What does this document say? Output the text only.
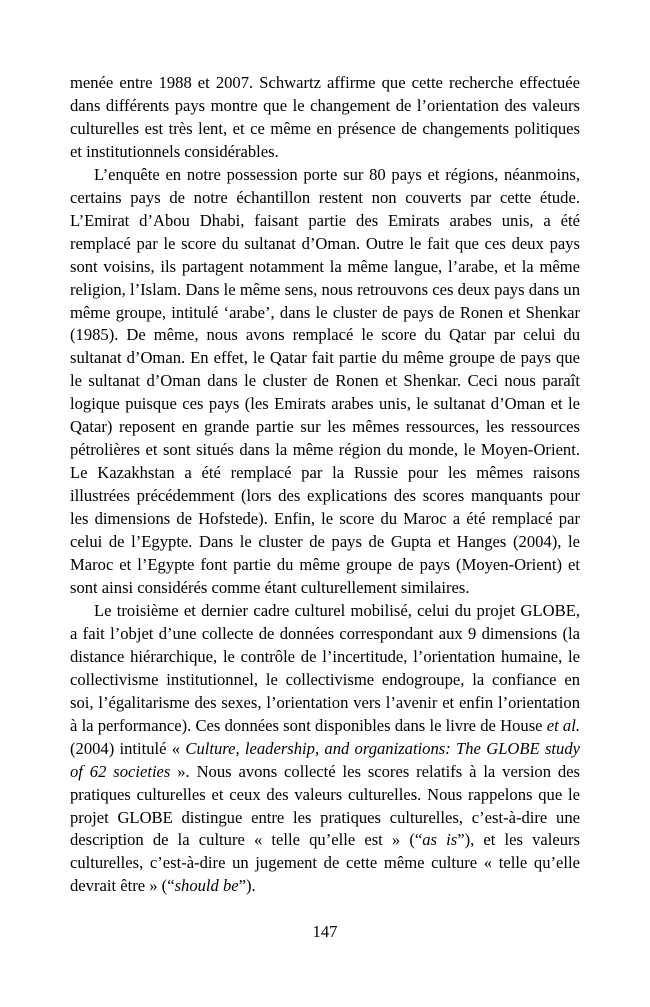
menée entre 1988 et 2007. Schwartz affirme que cette recherche effectuée dans différents pays montre que le changement de l’orientation des valeurs culturelles est très lent, et ce même en présence de changements politiques et institutionnels considérables.

L’enquête en notre possession porte sur 80 pays et régions, néanmoins, certains pays de notre échantillon restent non couverts par cette étude. L’Emirat d’Abou Dhabi, faisant partie des Emirats arabes unis, a été remplacé par le score du sultanat d’Oman. Outre le fait que ces deux pays sont voisins, ils partagent notamment la même langue, l’arabe, et la même religion, l’Islam. Dans le même sens, nous retrouvons ces deux pays dans un même groupe, intitulé ‘arabe’, dans le cluster de pays de Ronen et Shenkar (1985). De même, nous avons remplacé le score du Qatar par celui du sultanat d’Oman. En effet, le Qatar fait partie du même groupe de pays que le sultanat d’Oman dans le cluster de Ronen et Shenkar. Ceci nous paraît logique puisque ces pays (les Emirats arabes unis, le sultanat d’Oman et le Qatar) reposent en grande partie sur les mêmes ressources, les ressources pétrolières et sont situés dans la même région du monde, le Moyen-Orient. Le Kazakhstan a été remplacé par la Russie pour les mêmes raisons illustrées précédemment (lors des explications des scores manquants pour les dimensions de Hofstede). Enfin, le score du Maroc a été remplacé par celui de l’Egypte. Dans le cluster de pays de Gupta et Hanges (2004), le Maroc et l’Egypte font partie du même groupe de pays (Moyen-Orient) et sont ainsi considérés comme étant culturellement similaires.

Le troisième et dernier cadre culturel mobilisé, celui du projet GLOBE, a fait l’objet d’une collecte de données correspondant aux 9 dimensions (la distance hiérarchique, le contrôle de l’incertitude, l’orientation humaine, le collectivisme institutionnel, le collectivisme endogroupe, la confiance en soi, l’égalitarisme des sexes, l’orientation vers l’avenir et enfin l’orientation à la performance). Ces données sont disponibles dans le livre de House et al. (2004) intitulé « Culture, leadership, and organizations: The GLOBE study of 62 societies ». Nous avons collecté les scores relatifs à la version des pratiques culturelles et ceux des valeurs culturelles. Nous rappelons que le projet GLOBE distingue entre les pratiques culturelles, c’est-à-dire une description de la culture « telle qu’elle est » (“as is”), et les valeurs culturelles, c’est-à-dire un jugement de cette même culture « telle qu’elle devrait être » (“should be”).

147
